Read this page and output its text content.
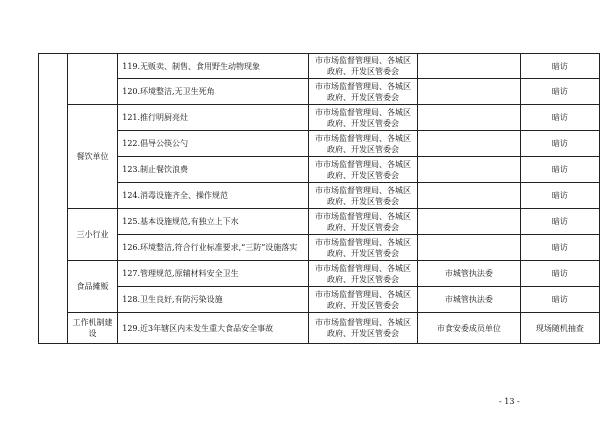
		119.无贩卖、制售、食用野生动物现象	市市场监督管理局、各城区政府、开发区管委会		暗访
		120.环境整洁,无卫生死角	市市场监督管理局、各城区政府、开发区管委会		暗访
	餐饮单位	121.推行明厨亮灶	市市场监督管理局、各城区政府、开发区管委会		暗访
		122.倡导公筷公勺	市市场监督管理局、各城区政府、开发区管委会		暗访
		123.制止餐饮浪费	市市场监督管理局、各城区政府、开发区管委会		暗访
		124.消毒设施齐全、操作规范	市市场监督管理局、各城区政府、开发区管委会		暗访
	三小行业	125.基本设施规范,有独立上下水	市市场监督管理局、各城区政府、开发区管委会		暗访
		126.环境整洁,符合行业标准要求,“三防”设施落实	市市场监督管理局、各城区政府、开发区管委会		暗访
	食品摊贩	127.管理规范,原辅材料安全卫生	市市场监督管理局、各城区政府、开发区管委会	市城管执法委	暗访
		128.卫生良好,有防污染设施	市市场监督管理局、各城区政府、开发区管委会	市城管执法委	暗访
	工作机制建设	129.近3年辖区内未发生重大食品安全事故	市市场监督管理局、各城区政府、开发区管委会	市食安委成员单位	现场随机抽查
- 13 -
